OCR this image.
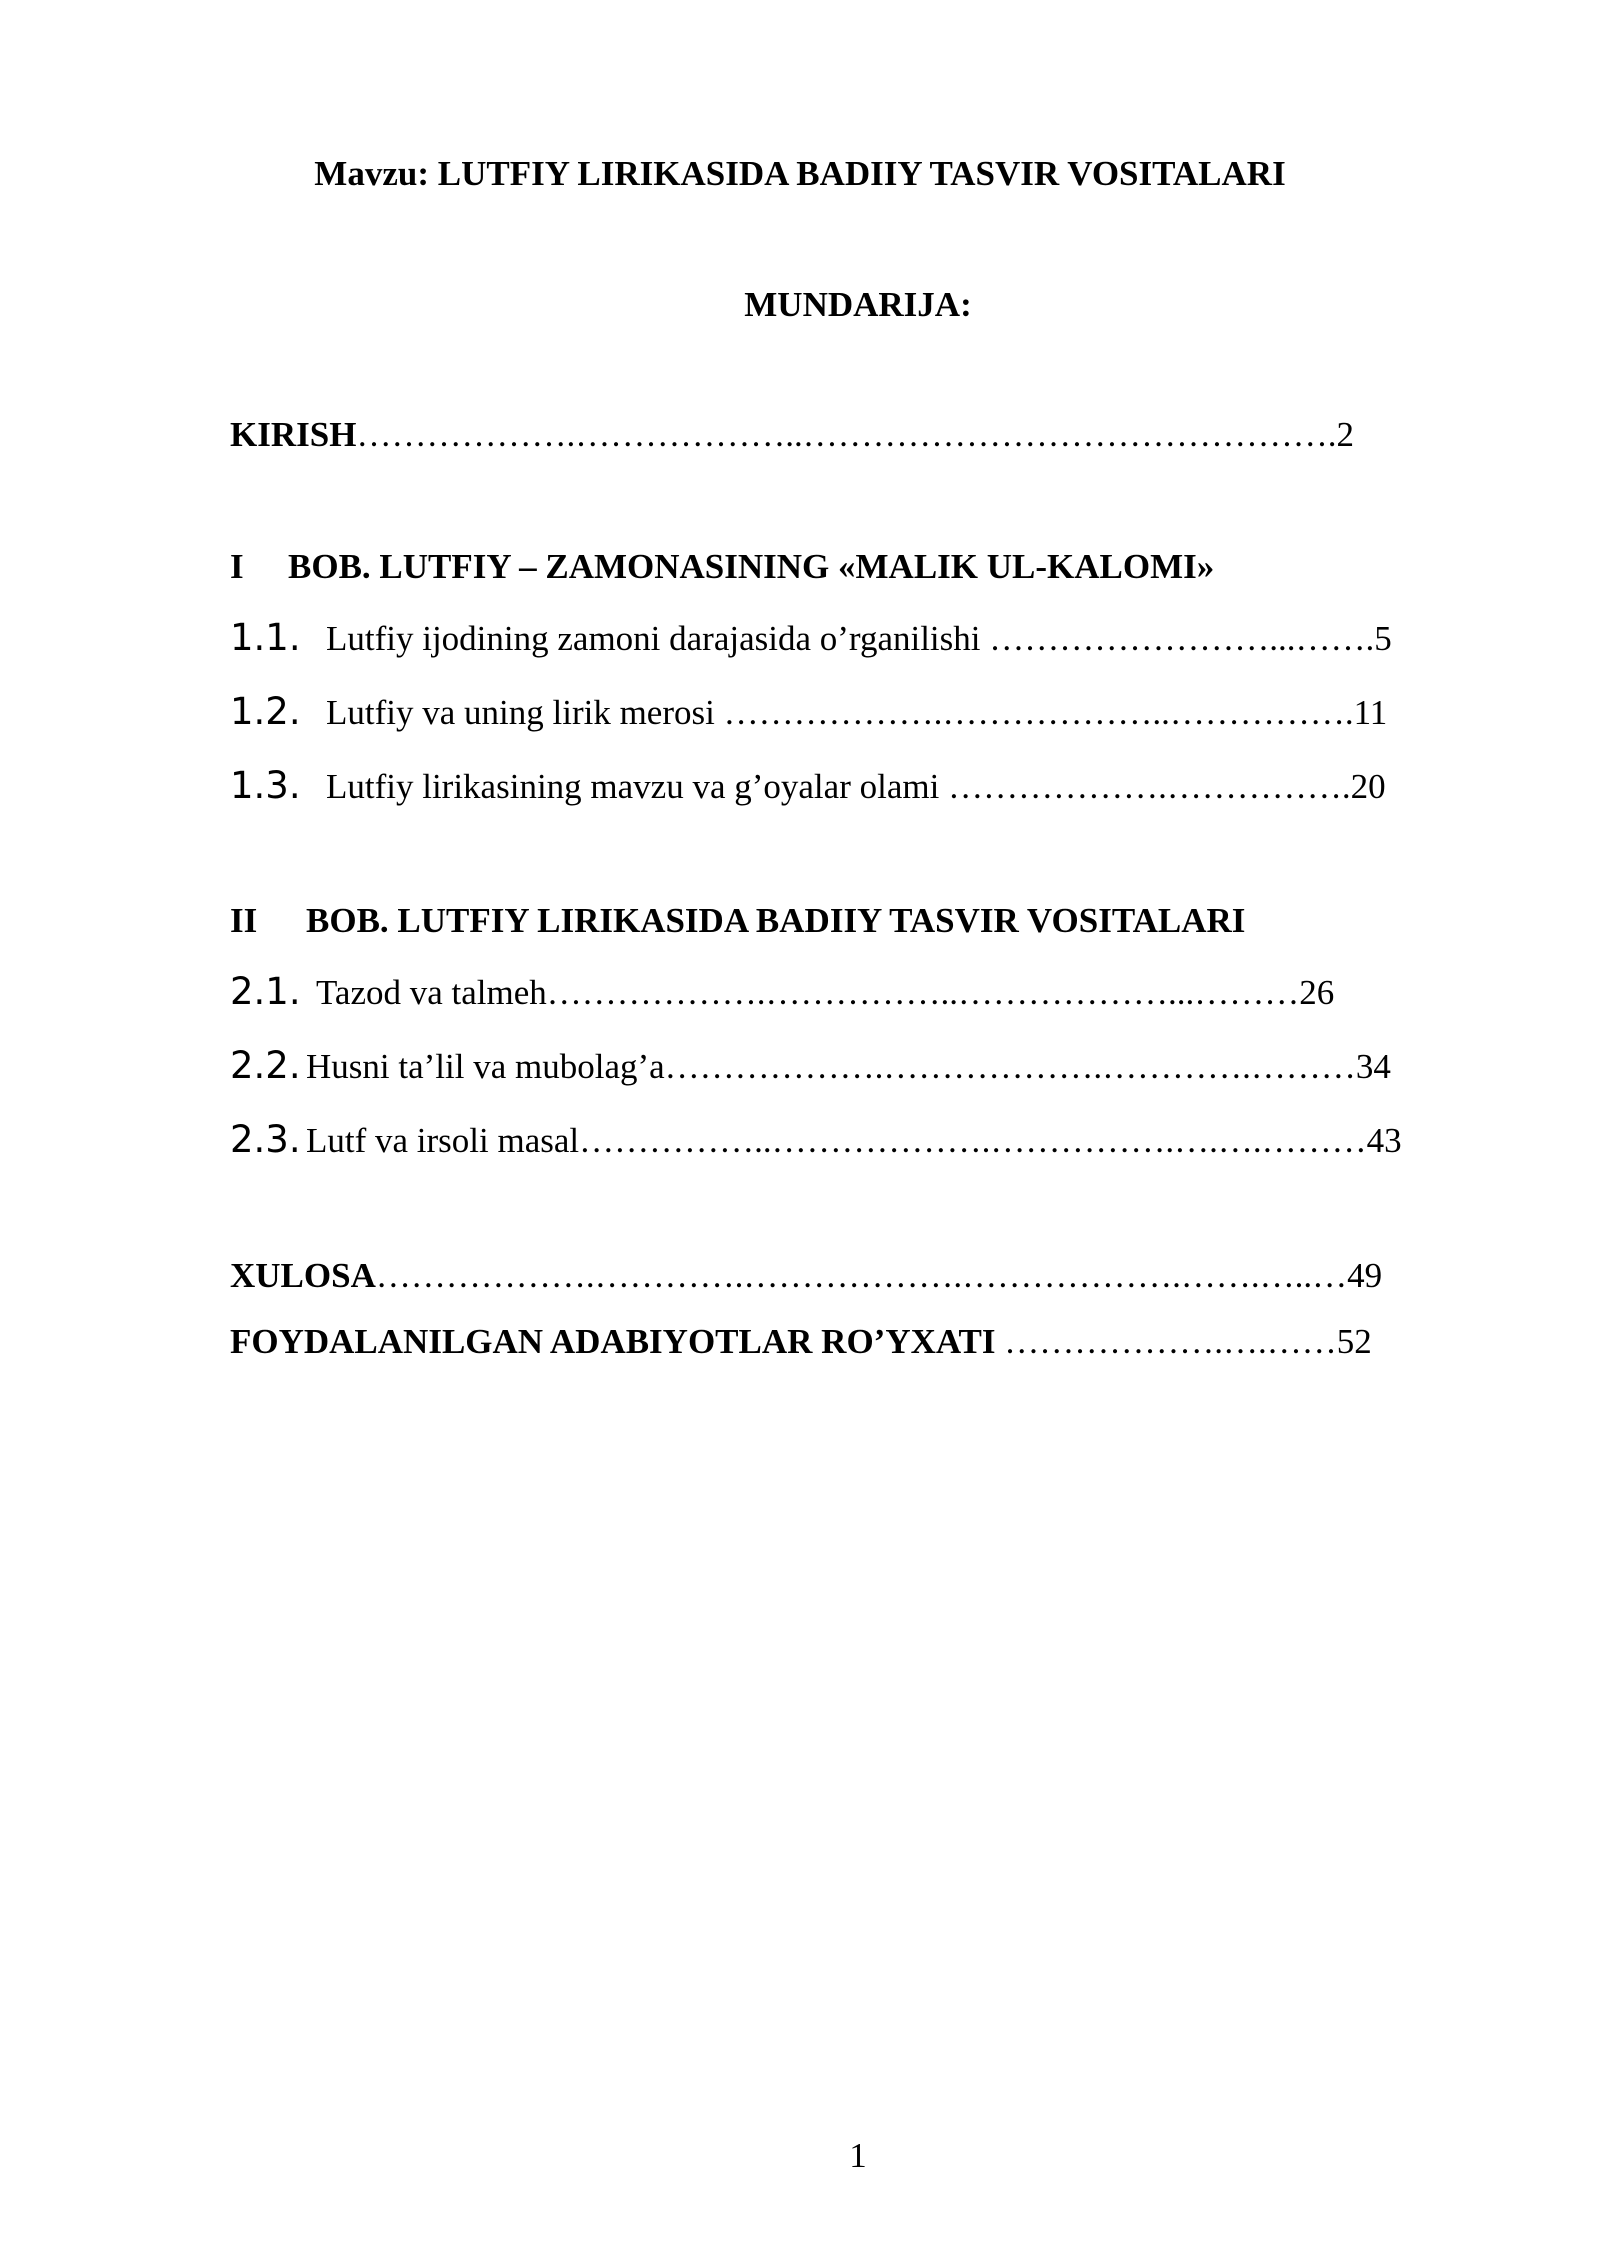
Mavzu: LUTFIY LIRIKASIDA BADIIY TASVIR VOSITALARI
MUNDARIJA:
KIRISH……………….………………..……………………………………….2
I BOB. LUTFIY – ZAMONASINING «MALIK UL-KALOMI»
1.1. Lutfiy ijodining zamoni darajasida o’rganilishi ……………………...…….5
1.2. Lutfiy va uning lirik merosi ……………….………………..…………….11
1.3. Lutfiy lirikasining mavzu va g’oyalar olami ……………….…………….20
II BOB. LUTFIY LIRIKASIDA BADIIY TASVIR VOSITALARI
2.1. Tazod va talmeh……………….……………..………………...………26
2.2. Husni ta’lil va mubolag’a……………….……………….………….………34
2.3. Lutf va irsoli masal……………..……………….…………….….….………43
XULOSA……………….………….……………….……………….…….…..…49
FOYDALANILGAN ADABIYOTLAR RO’YXATI ……………….….……52
1
